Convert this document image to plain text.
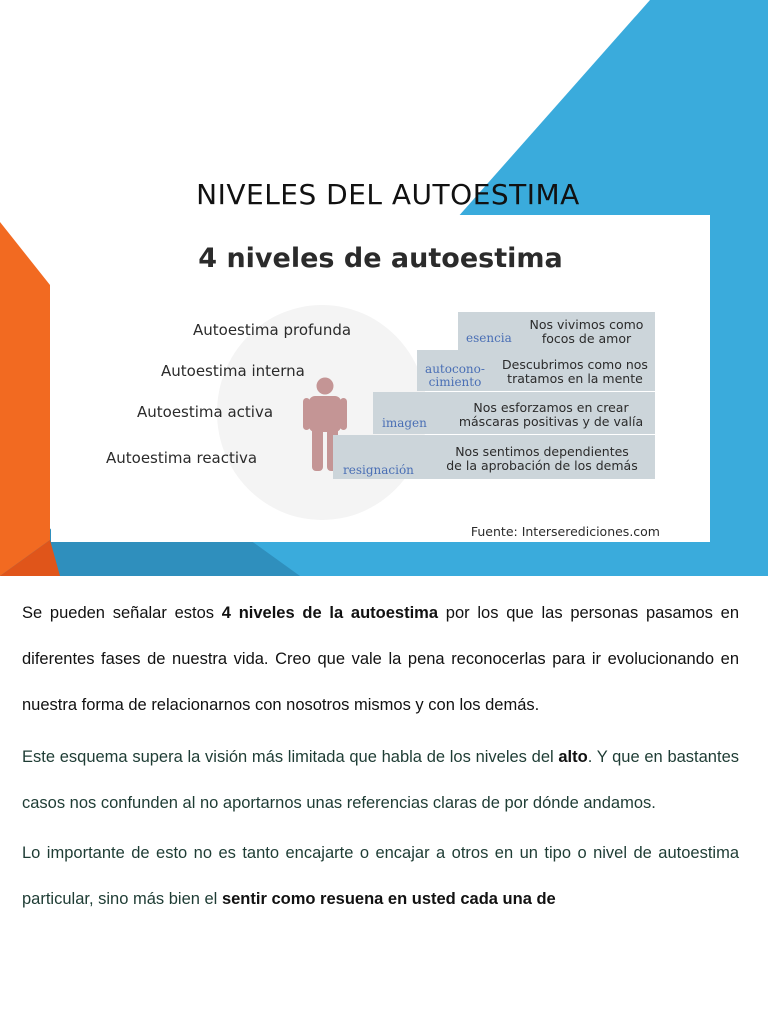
NIVELES DEL AUTOESTIMA
4 niveles de autoestima
Autoestima profunda
Autoestima interna
Autoestima activa
Autoestima reactiva
esencia
Nos vivimos como
focos de amor
autocono-
cimiento
Descubrimos como nos
tratamos en la mente
imagen
Nos esforzamos en crear
máscaras positivas y de valía
resignación
Nos sentimos dependientes
de la aprobación de los demás
Fuente: Interserediciones.com

Se pueden señalar estos 4 niveles de la autoestima por los que las personas pasamos en diferentes fases de nuestra vida. Creo que vale la pena reconocerlas para ir evolucionando en nuestra forma de relacionarnos con nosotros mismos y con los demás.

Este esquema supera la visión más limitada que habla de los niveles del alto. Y que en bastantes casos nos confunden al no aportarnos unas referencias claras de por dónde andamos.

Lo importante de esto no es tanto encajarte o encajar a otros en un tipo o nivel de autoestima particular, sino más bien el sentir como resuena en usted cada una de
